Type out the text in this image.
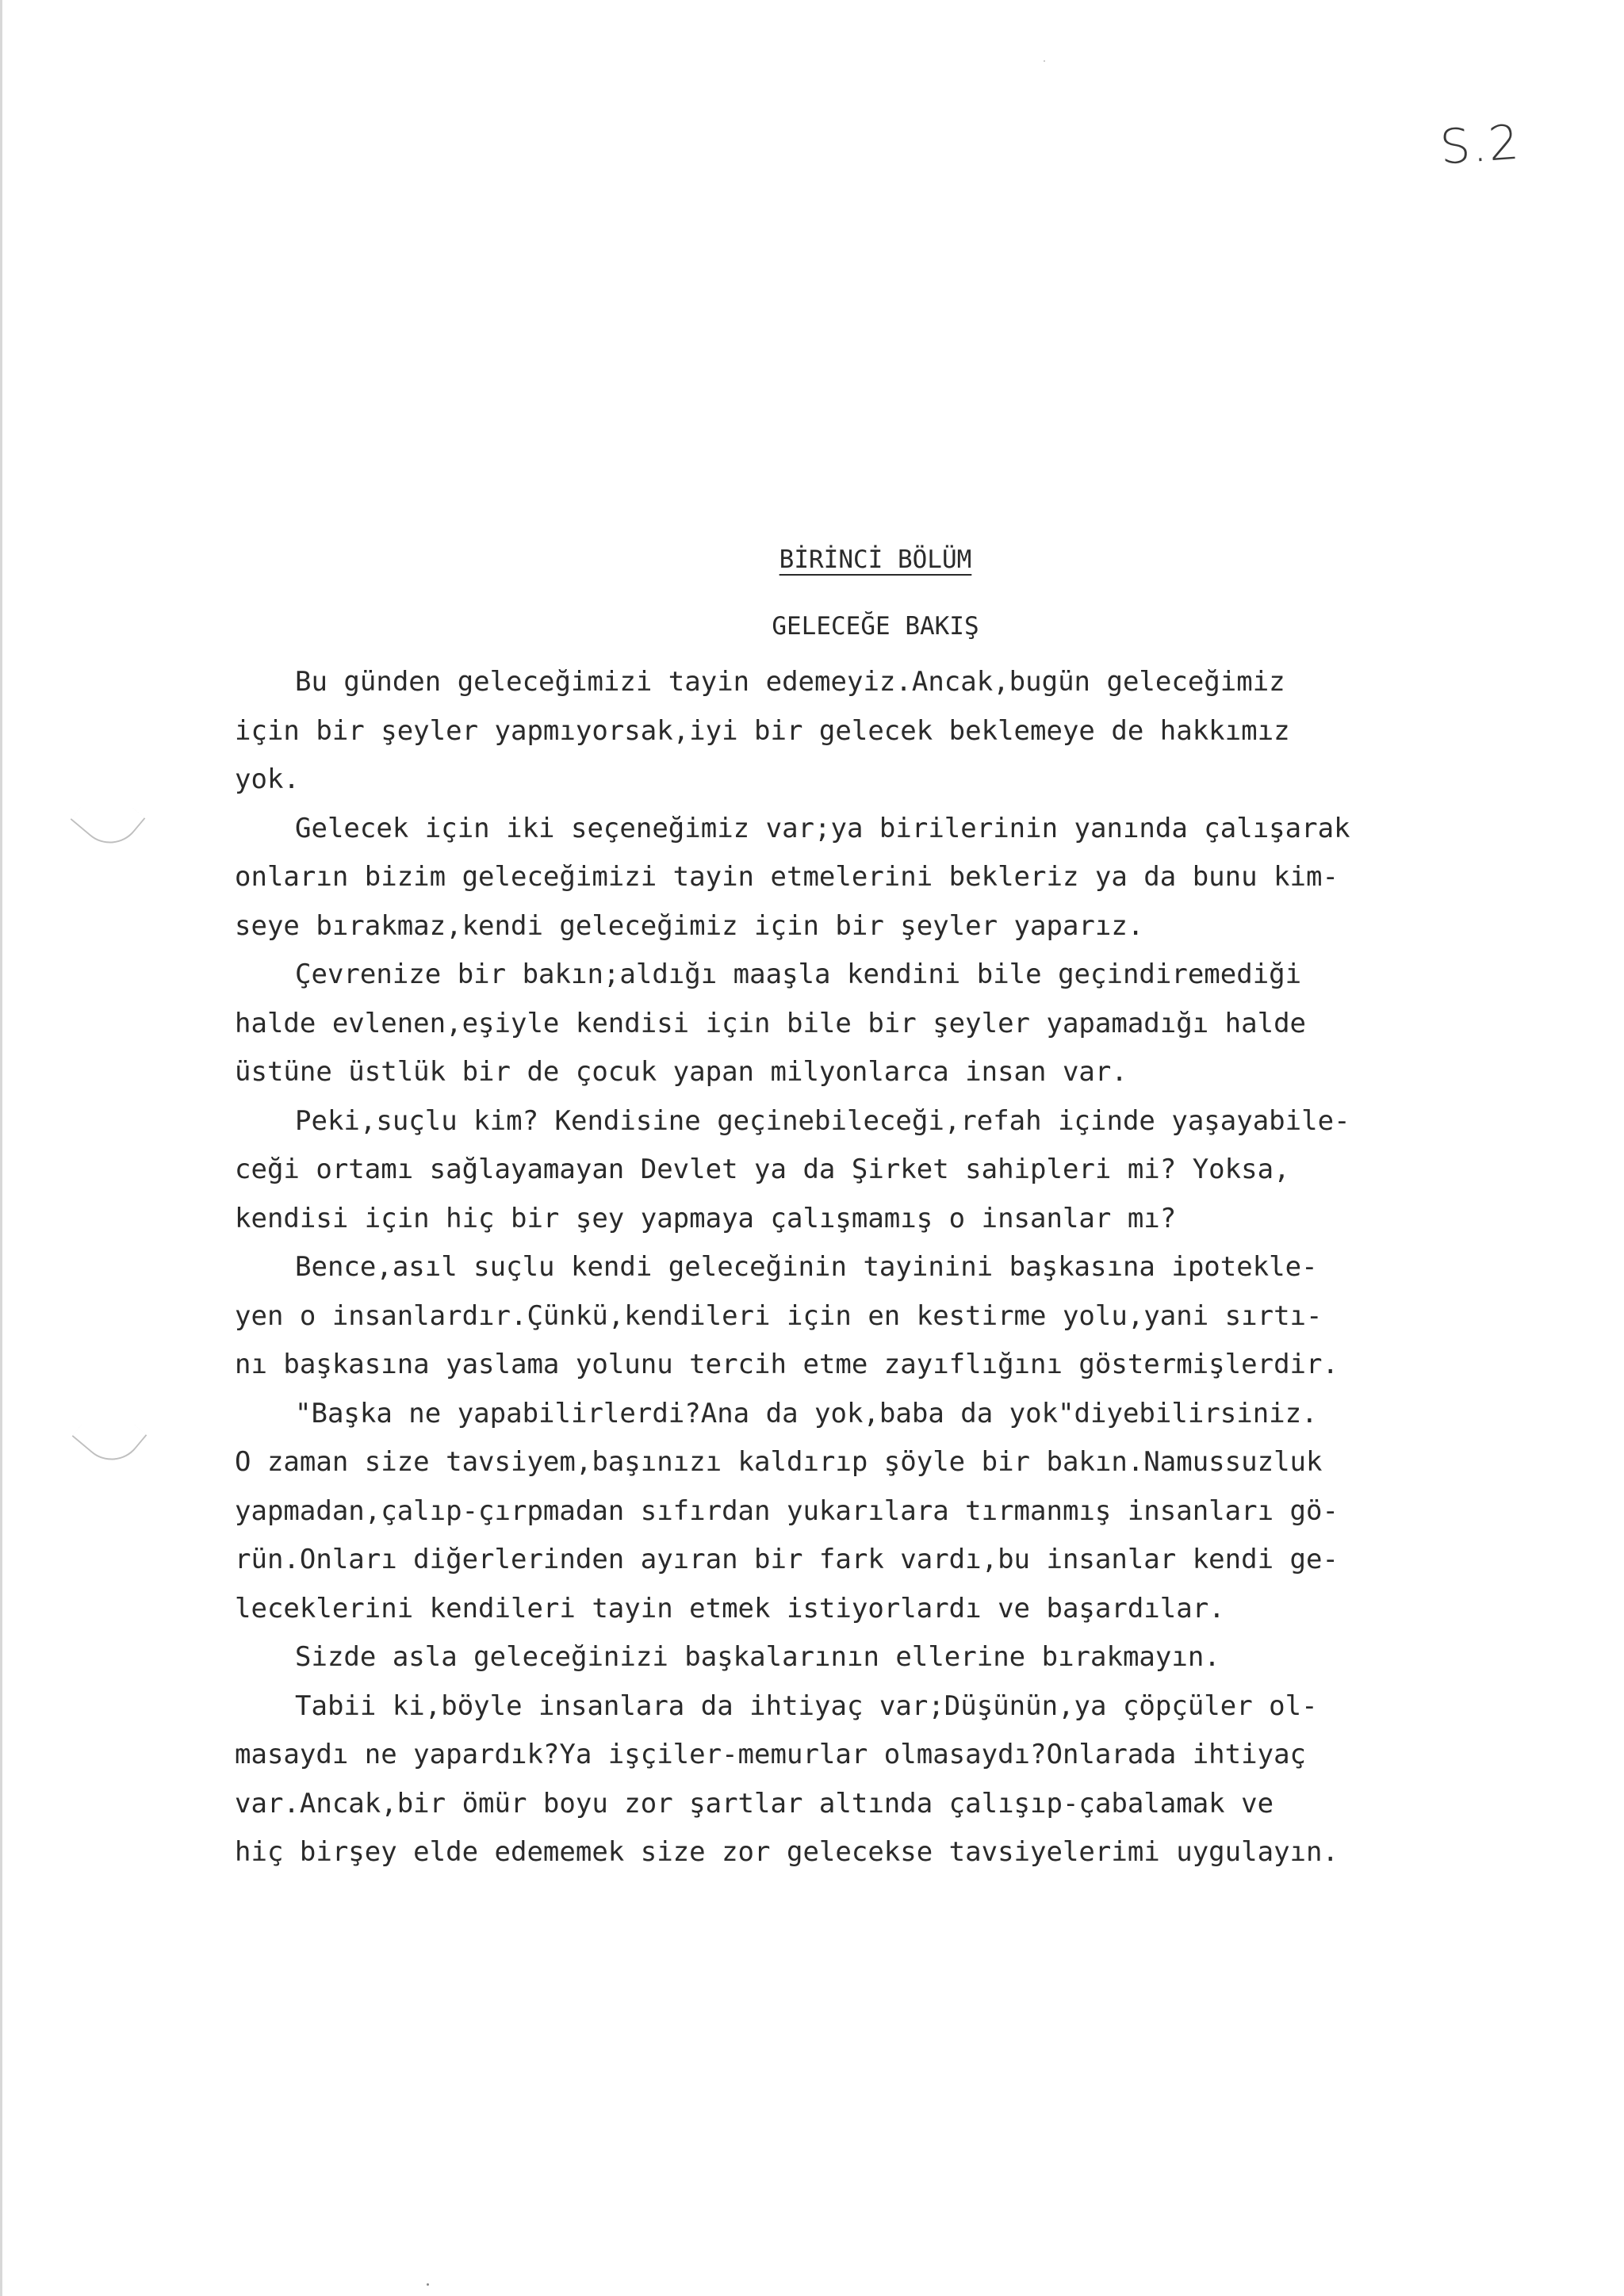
S.2
BİRİNCİ BÖLÜM
GELECEĞE BAKIŞ
Bu günden geleceğimizi tayin edemeyiz.Ancak,bugün geleceğimiz
için bir şeyler yapmıyorsak,iyi bir gelecek beklemeye de hakkımız
yok.
Gelecek için iki seçeneğimiz var;ya birilerinin yanında çalışarak
onların bizim geleceğimizi tayin etmelerini bekleriz ya da bunu kim-
seye bırakmaz,kendi geleceğimiz için bir şeyler yaparız.
Çevrenize bir bakın;aldığı maaşla kendini bile geçindiremediği
halde evlenen,eşiyle kendisi için bile bir şeyler yapamadığı halde
üstüne üstlük bir de çocuk yapan milyonlarca insan var.
Peki,suçlu kim? Kendisine geçinebileceği,refah içinde yaşayabile-
ceği ortamı sağlayamayan Devlet ya da Şirket sahipleri mi? Yoksa,
kendisi için hiç bir şey yapmaya çalışmamış o insanlar mı?
Bence,asıl suçlu kendi geleceğinin tayinini başkasına ipotekle-
yen o insanlardır.Çünkü,kendileri için en kestirme yolu,yani sırtı-
nı başkasına yaslama yolunu tercih etme zayıflığını göstermişlerdir.
"Başka ne yapabilirlerdi?Ana da yok,baba da yok"diyebilirsiniz.
O zaman size tavsiyem,başınızı kaldırıp şöyle bir bakın.Namussuzluk
yapmadan,çalıp-çırpmadan sıfırdan yukarılara tırmanmış insanları gö-
rün.Onları diğerlerinden ayıran bir fark vardı,bu insanlar kendi ge-
leceklerini kendileri tayin etmek istiyorlardı ve başardılar.
Sizde asla geleceğinizi başkalarının ellerine bırakmayın.
Tabii ki,böyle insanlara da ihtiyaç var;Düşünün,ya çöpçüler ol-
masaydı ne yapardık?Ya işçiler-memurlar olmasaydı?Onlarada ihtiyaç
var.Ancak,bir ömür boyu zor şartlar altında çalışıp-çabalamak ve
hiç birşey elde edememek size zor gelecekse tavsiyelerimi uygulayın.
